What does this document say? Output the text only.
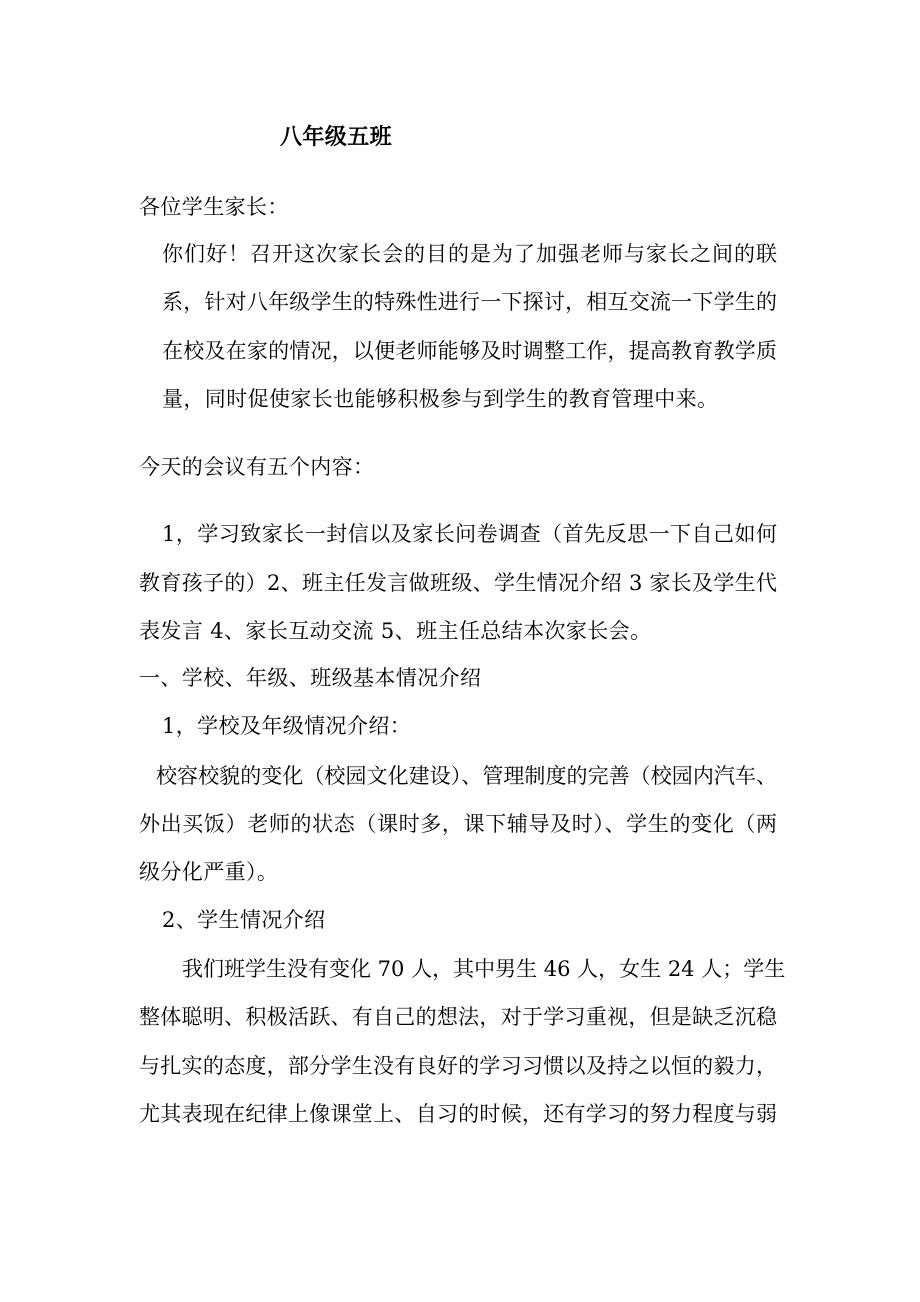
八年级五班
各位学生家长：
你们好！召开这次家长会的目的是为了加强老师与家长之间的联
系，针对八年级学生的特殊性进行一下探讨，相互交流一下学生的
在校及在家的情况，以便老师能够及时调整工作，提高教育教学质
量，同时促使家长也能够积极参与到学生的教育管理中来。
今天的会议有五个内容：
1，学习致家长一封信以及家长问卷调查（首先反思一下自己如何
教育孩子的）2、班主任发言做班级、学生情况介绍 3 家长及学生代
表发言 4、家长互动交流 5、班主任总结本次家长会。
一、学校、年级、班级基本情况介绍
1，学校及年级情况介绍：
校容校貌的变化（校园文化建设）、管理制度的完善（校园内汽车、
外出买饭）老师的状态（课时多，课下辅导及时）、学生的变化（两
级分化严重）。
2、学生情况介绍
我们班学生没有变化 70 人，其中男生 46 人，女生 24 人；学生
整体聪明、积极活跃、有自己的想法，对于学习重视，但是缺乏沉稳
与扎实的态度，部分学生没有良好的学习习惯以及持之以恒的毅力，
尤其表现在纪律上像课堂上、自习的时候，还有学习的努力程度与弱
